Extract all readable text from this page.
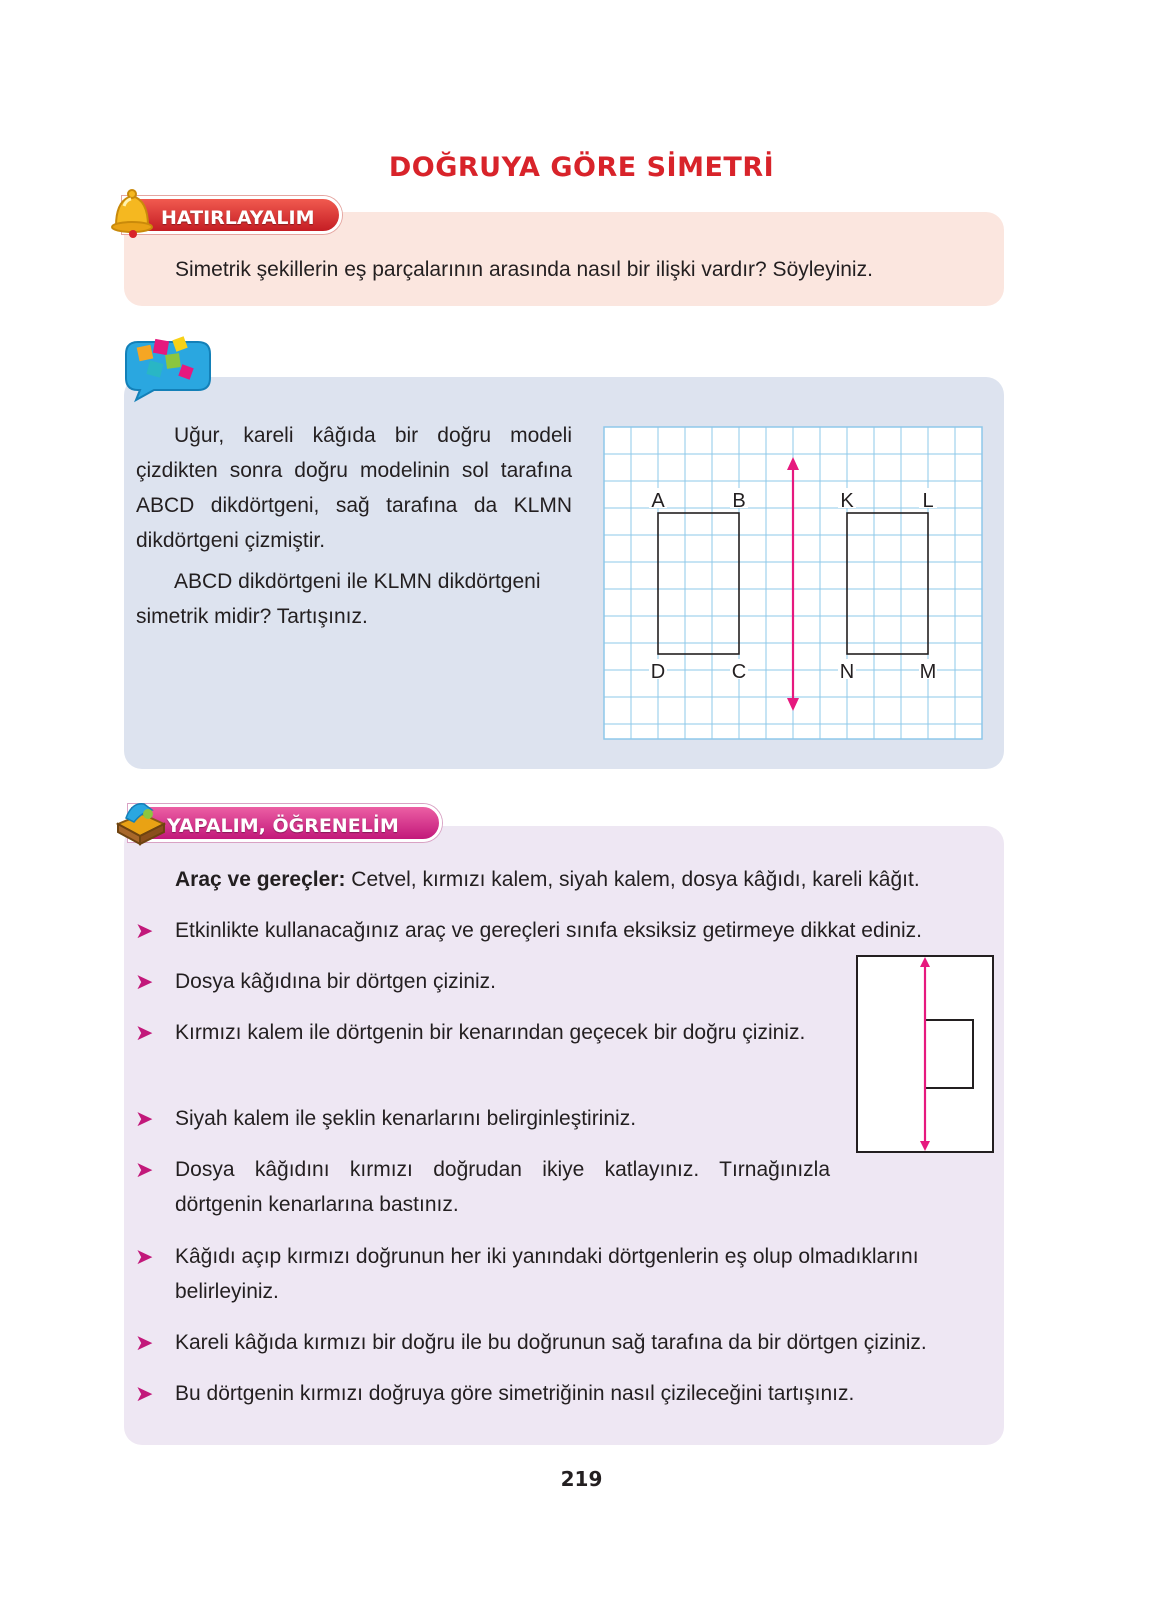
DOĞRUYA GÖRE SİMETRİ
HATIRLAYALIM
Simetrik şekillerin eş parçalarının arasında nasıl bir ilişki vardır? Söyleyiniz.

Uğur, kareli kâğıda bir doğru modeli çizdikten sonra doğru modelinin sol tarafına ABCD dikdörtgeni, sağ tarafına da KLMN dikdörtgeni çizmiştir.

ABCD dikdörtgeni ile KLMN dikdörtgeni simetrik midir? Tartışınız.

A	B	K	L
D	C	N	M
YAPALIM, ÖĞRENELİM
Araç ve gereçler: Cetvel, kırmızı kalem, siyah kalem, dosya kâğıdı, kareli kâğıt.
➤ Etkinlikte kullanacağınız araç ve gereçleri sınıfa eksiksiz getirmeye dikkat ediniz.
➤ Dosya kâğıdına bir dörtgen çiziniz.
➤ Kırmızı kalem ile dörtgenin bir kenarından geçecek bir doğru çiziniz.
➤ Siyah kalem ile şeklin kenarlarını belirginleştiriniz.
➤ Dosya kâğıdını kırmızı doğrudan ikiye katlayınız. Tırnağınızla dörtgenin kenarlarına bastınız.
➤ Kâğıdı açıp kırmızı doğrunun her iki yanındaki dörtgenlerin eş olup olmadıklarını belirleyiniz.
➤ Kareli kâğıda kırmızı bir doğru ile bu doğrunun sağ tarafına da bir dörtgen çiziniz.
➤ Bu dörtgenin kırmızı doğruya göre simetriğinin nasıl çizileceğini tartışınız.
219
